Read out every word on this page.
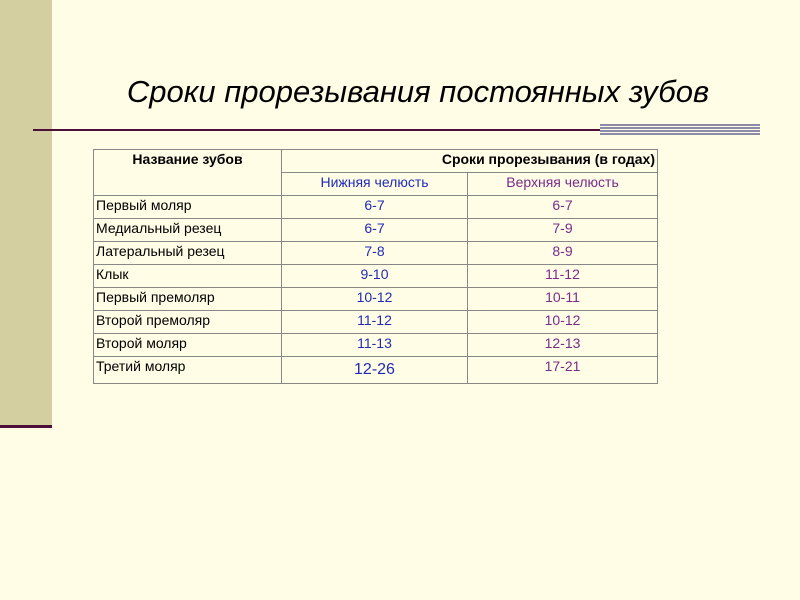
Сроки прорезывания постоянных зубов
Название зубов	Сроки прорезывания (в годах)	
	Нижняя челюсть	Верхняя челюсть
Первый моляр	6-7	6-7
Медиальный резец	6-7	7-9
Латеральный резец	7-8	8-9
Клык	9-10	11-12
Первый премоляр	10-12	10-11
Второй премоляр	11-12	10-12
Второй моляр	11-13	12-13
Третий моляр	12-26	17-21
